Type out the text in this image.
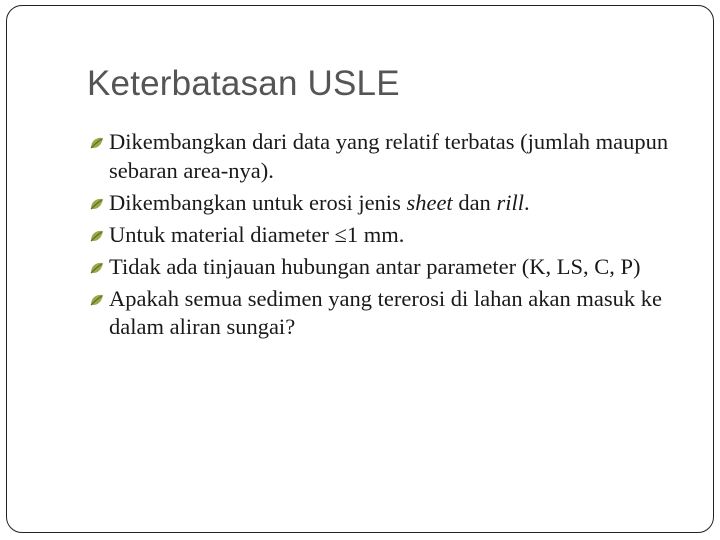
Keterbatasan USLE
Dikembangkan dari data yang relatif terbatas (jumlah maupun sebaran area-nya).
Dikembangkan untuk erosi jenis sheet dan rill.
Untuk material diameter ≤1 mm.
Tidak ada tinjauan hubungan antar parameter (K, LS, C, P)
Apakah semua sedimen yang tererosi di lahan akan masuk ke dalam aliran sungai?
